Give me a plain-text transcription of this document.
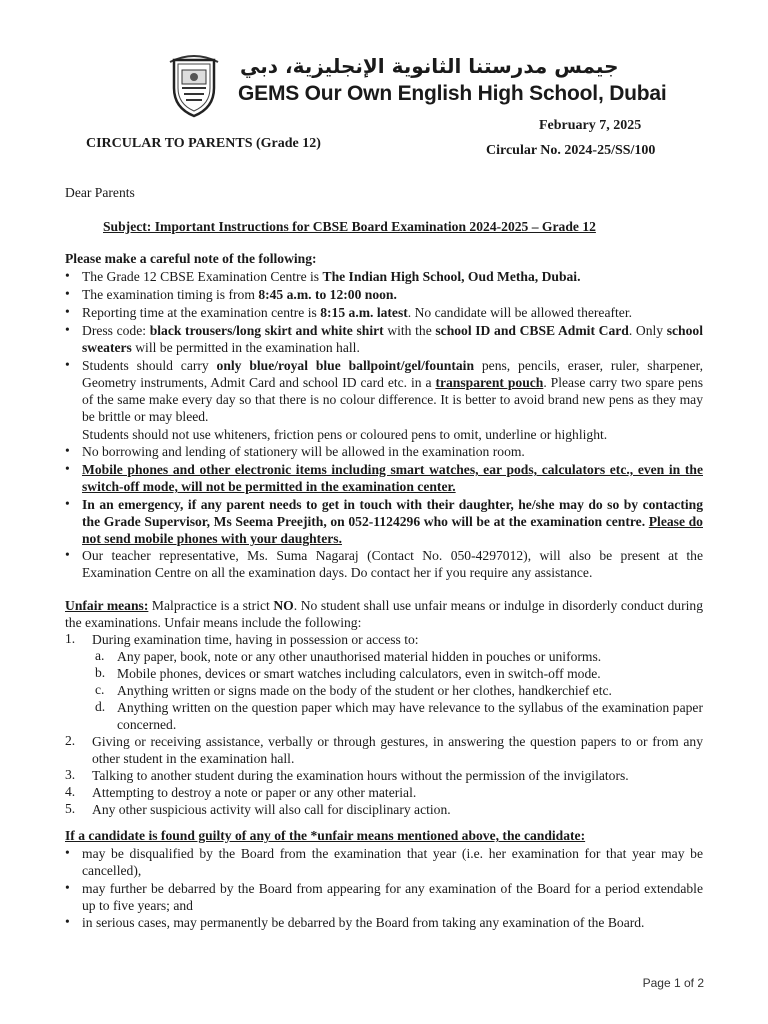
جيمس مدرستنا الثانوية الإنجليزية، دبي
GEMS Our Own English High School, Dubai
February 7, 2025
CIRCULAR TO PARENTS (Grade 12)	Circular No. 2024-25/SS/100
Dear Parents
Subject: Important Instructions for CBSE Board Examination 2024-2025 – Grade 12
Please make a careful note of the following:
• The Grade 12 CBSE Examination Centre is The Indian High School, Oud Metha, Dubai.
• The examination timing is from 8:45 a.m. to 12:00 noon.
• Reporting time at the examination centre is 8:15 a.m. latest. No candidate will be allowed thereafter.
• Dress code: black trousers/long skirt and white shirt with the school ID and CBSE Admit Card. Only school sweaters will be permitted in the examination hall.
• Students should carry only blue/royal blue ballpoint/gel/fountain pens, pencils, eraser, ruler, sharpener, Geometry instruments, Admit Card and school ID card etc. in a transparent pouch. Please carry two spare pens of the same make every day so that there is no colour difference. It is better to avoid brand new pens as they may be brittle or may bleed.
Students should not use whiteners, friction pens or coloured pens to omit, underline or highlight.
• No borrowing and lending of stationery will be allowed in the examination room.
• Mobile phones and other electronic items including smart watches, ear pods, calculators etc., even in the switch-off mode, will not be permitted in the examination center.
• In an emergency, if any parent needs to get in touch with their daughter, he/she may do so by contacting the Grade Supervisor, Ms Seema Preejith, on 052-1124296 who will be at the examination centre. Please do not send mobile phones with your daughters.
• Our teacher representative, Ms. Suma Nagaraj (Contact No. 050-4297012), will also be present at the Examination Centre on all the examination days. Do contact her if you require any assistance.
Unfair means: Malpractice is a strict NO. No student shall use unfair means or indulge in disorderly conduct during the examinations. Unfair means include the following:
1. During examination time, having in possession or access to:
a. Any paper, book, note or any other unauthorised material hidden in pouches or uniforms.
b. Mobile phones, devices or smart watches including calculators, even in switch-off mode.
c. Anything written or signs made on the body of the student or her clothes, handkerchief etc.
d. Anything written on the question paper which may have relevance to the syllabus of the examination paper concerned.
2. Giving or receiving assistance, verbally or through gestures, in answering the question papers to or from any other student in the examination hall.
3. Talking to another student during the examination hours without the permission of the invigilators.
4. Attempting to destroy a note or paper or any other material.
5. Any other suspicious activity will also call for disciplinary action.
If a candidate is found guilty of any of the *unfair means mentioned above, the candidate:
• may be disqualified by the Board from the examination that year (i.e. her examination for that year may be cancelled),
• may further be debarred by the Board from appearing for any examination of the Board for a period extendable up to five years; and
• in serious cases, may permanently be debarred by the Board from taking any examination of the Board.
Page 1 of 2
